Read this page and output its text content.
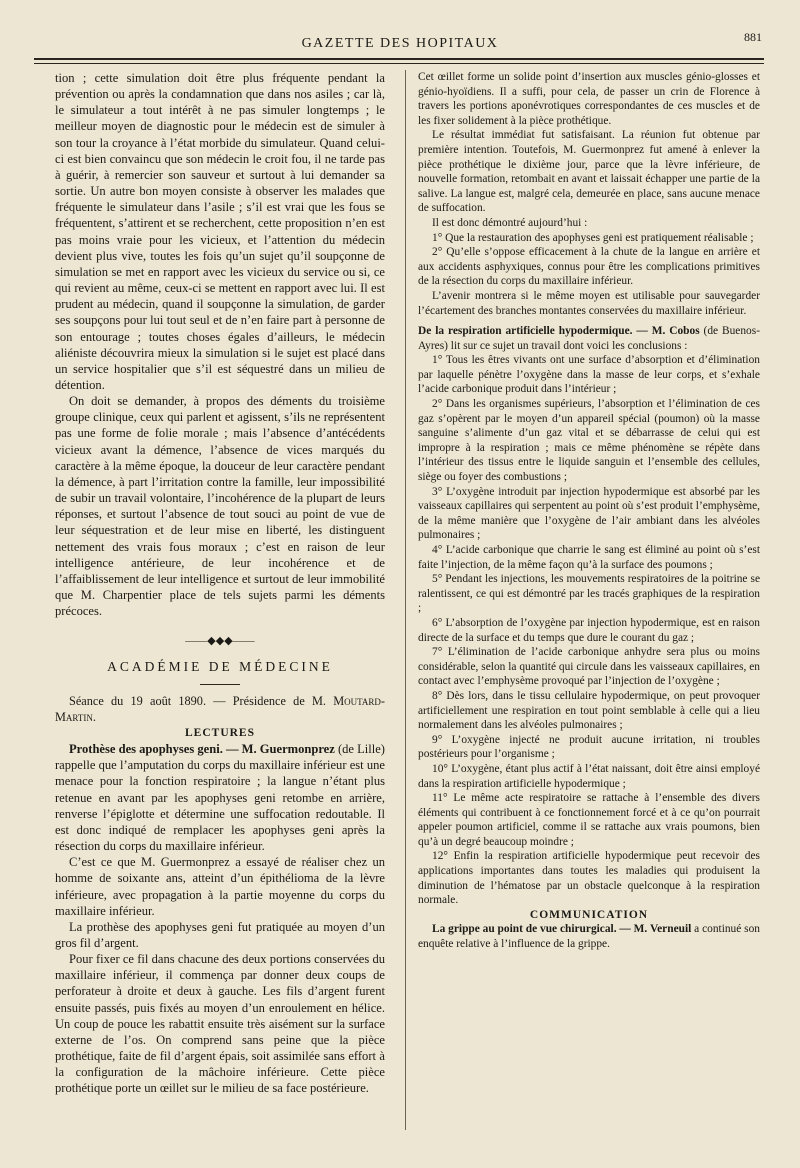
GAZETTE DES HOPITAUX	881

tion ; cette simulation doit être plus fréquente pendant la prévention ou après la condamnation que dans nos asiles ; car là, le simulateur a tout intérêt à ne pas simuler longtemps ; le meilleur moyen de diagnostic pour le médecin est de simuler à son tour la croyance à l’état morbide du simulateur. Quand celui-ci est bien convaincu que son médecin le croit fou, il ne tarde pas à guérir, à remercier son sauveur et surtout à lui demander sa sortie. Un autre bon moyen consiste à observer les malades que fréquente le simulateur dans l’asile ; s’il est vrai que les fous se fréquentent, s’attirent et se recherchent, cette proposition n’en est pas moins vraie pour les vicieux, et l’attention du médecin devient plus vive, toutes les fois qu’un sujet qu’il soupçonne de simulation se met en rapport avec les vicieux du service ou si, ce qui revient au même, ceux-ci se mettent en rapport avec lui. Il est prudent au médecin, quand il soupçonne la simulation, de garder ses soupçons pour lui tout seul et de n’en faire part à personne de son entourage ; toutes choses égales d’ailleurs, le médecin aliéniste découvrira mieux la simulation si le sujet est placé dans un service hospitalier que s’il est séquestré dans un milieu de détention.

On doit se demander, à propos des déments du troisième groupe clinique, ceux qui parlent et agissent, s’ils ne représentent pas une forme de folie morale ; mais l’absence d’antécédents vicieux avant la démence, l’absence de vices marqués du caractère à la même époque, la douceur de leur caractère pendant la démence, à part l’irritation contre la famille, leur impossibilité de subir un travail volontaire, l’incohérence de la plupart de leurs réponses, et surtout l’absence de tout souci au point de vue de leur séquestration et de leur mise en liberté, les distinguent nettement des vrais fous moraux ; c’est en raison de leur intelligence antérieure, de leur incohérence et de l’affaiblissement de leur intelligence et surtout de leur immobilité que M. Charpentier place de tels sujets parmi les déments précoces.

——◆◆◆——

ACADÉMIE DE MÉDECINE

Séance du 19 août 1890. — Présidence de M. Moutard-Martin.

LECTURES

Prothèse des apophyses geni. — M. Guermonprez (de Lille) rappelle que l’amputation du corps du maxillaire inférieur est une menace pour la fonction respiratoire ; la langue n’étant plus retenue en avant par les apophyses geni retombe en arrière, renverse l’épiglotte et détermine une suffocation redoutable. Il est donc indiqué de remplacer les apophyses geni après la résection du corps du maxillaire inférieur.

C’est ce que M. Guermonprez a essayé de réaliser chez un homme de soixante ans, atteint d’un épithélioma de la lèvre inférieure, avec propagation à la partie moyenne du corps du maxillaire inférieur.

La prothèse des apophyses geni fut pratiquée au moyen d’un gros fil d’argent.

Pour fixer ce fil dans chacune des deux portions conservées du maxillaire inférieur, il commença par donner deux coups de perforateur à droite et deux à gauche. Les fils d’argent furent ensuite passés, puis fixés au moyen d’un enroulement en hélice. Un coup de pouce les rabattit ensuite très aisément sur la surface externe de l’os. On comprend sans peine que la pièce prothétique, faite de fil d’argent épais, soit assimilée sans effort à la configuration de la mâchoire inférieure. Cette pièce prothétique porte un œillet sur le milieu de sa face postérieure.

Cet œillet forme un solide point d’insertion aux muscles génio-glosses et génio-hyoïdiens. Il a suffi, pour cela, de passer un crin de Florence à travers les portions aponévrotiques correspondantes de ces muscles et de les fixer solidement à la pièce prothétique.

Le résultat immédiat fut satisfaisant. La réunion fut obtenue par première intention. Toutefois, M. Guermonprez fut amené à enlever la pièce prothétique le dixième jour, parce que la lèvre inférieure, de nouvelle formation, retombait en avant et laissait échapper une partie de la salive. La langue est, malgré cela, demeurée en place, sans aucune menace de suffocation.

Il est donc démontré aujourd’hui :

1° Que la restauration des apophyses geni est pratiquement réalisable ;

2° Qu’elle s’oppose efficacement à la chute de la langue en arrière et aux accidents asphyxiques, connus pour être les complications primitives de la résection du corps du maxillaire inférieur.

L’avenir montrera si le même moyen est utilisable pour sauvegarder l’écartement des branches montantes conservées du maxillaire inférieur.

De la respiration artificielle hypodermique. — M. Cobos (de Buenos-Ayres) lit sur ce sujet un travail dont voici les conclusions :

1° Tous les êtres vivants ont une surface d’absorption et d’élimination par laquelle pénètre l’oxygène dans la masse de leur corps, et s’exhale l’acide carbonique produit dans l’intérieur ;

2° Dans les organismes supérieurs, l’absorption et l’élimination de ces gaz s’opèrent par le moyen d’un appareil spécial (poumon) où la masse sanguine s’alimente d’un gaz vital et se débarrasse de celui qui est impropre à la respiration ; mais ce même phénomène se répète dans l’intérieur des tissus entre le liquide sanguin et l’ensemble des cellules, siège ou foyer des combustions ;

3° L’oxygène introduit par injection hypodermique est absorbé par les vaisseaux capillaires qui serpentent au point où s’est produit l’emphysème, de la même manière que l’oxygène de l’air ambiant dans les alvéoles pulmonaires ;

4° L’acide carbonique que charrie le sang est éliminé au point où s’est faite l’injection, de la même façon qu’à la surface des poumons ;

5° Pendant les injections, les mouvements respiratoires de la poitrine se ralentissent, ce qui est démontré par les tracés graphiques de la respiration ;

6° L’absorption de l’oxygène par injection hypodermique, est en raison directe de la surface et du temps que dure le courant du gaz ;

7° L’élimination de l’acide carbonique anhydre sera plus ou moins considérable, selon la quantité qui circule dans les vaisseaux capillaires, en contact avec l’emphysème provoqué par l’injection de l’oxygène ;

8° Dès lors, dans le tissu cellulaire hypodermique, on peut provoquer artificiellement une respiration en tout point semblable à celle qui a lieu normalement dans les alvéoles pulmonaires ;

9° L’oxygène injecté ne produit aucune irritation, ni troubles postérieurs pour l’organisme ;

10° L’oxygène, étant plus actif à l’état naissant, doit être ainsi employé dans la respiration artificielle hypodermique ;

11° Le même acte respiratoire se rattache à l’ensemble des divers éléments qui contribuent à ce fonctionnement forcé et à ce qu’on pourrait appeler poumon artificiel, comme il se rattache aux vrais poumons, bien qu’à un degré beaucoup moindre ;

12° Enfin la respiration artificielle hypodermique peut recevoir des applications importantes dans toutes les maladies qui produisent la diminution de l’hématose par un obstacle quelconque à la respiration normale.

COMMUNICATION

La grippe au point de vue chirurgical. — M. Verneuil a continué son enquête relative à l’influence de la grippe.
